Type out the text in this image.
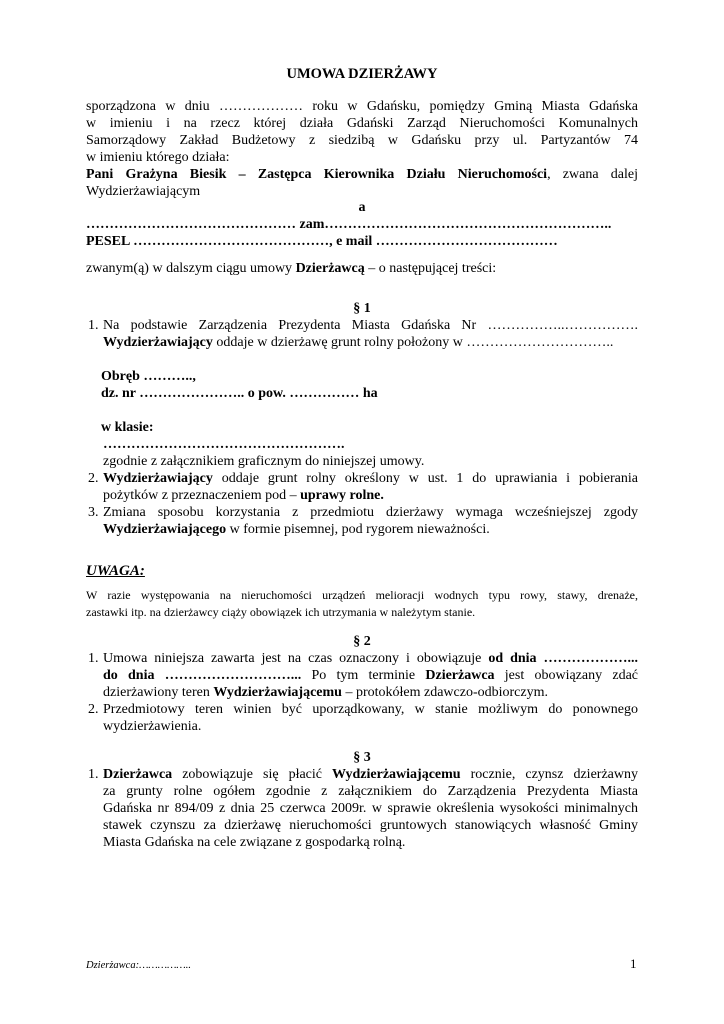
UMOWA DZIERŻAWY
sporządzona w dniu ……………… roku w Gdańsku, pomiędzy Gminą Miasta Gdańska
w imieniu i na rzecz której działa Gdański Zarząd Nieruchomości Komunalnych
Samorządowy Zakład Budżetowy z siedzibą w Gdańsku przy ul. Partyzantów 74
w imieniu którego działa:
Pani Grażyna Biesik – Zastępca Kierownika Działu Nieruchomości, zwana dalej
Wydzierżawiającym
a
……………………………………… zam……………………………………………………..
PESEL ……………………………………, e mail …………………………………
zwanym(ą) w dalszym ciągu umowy Dzierżawcą – o następującej treści:
§ 1
1. Na podstawie Zarządzenia Prezydenta Miasta Gdańska Nr ……………..…………….
Wydzierżawiający oddaje w dzierżawę grunt rolny położony w …………………………..
Obręb ………..,
dz. nr ………………….. o pow. …………… ha
w klasie:
…………………………………………….
zgodnie z załącznikiem graficznym do niniejszej umowy.
2. Wydzierżawiający oddaje grunt rolny określony w ust. 1 do uprawiania i pobierania
pożytków z przeznaczeniem pod – uprawy rolne.
3. Zmiana sposobu korzystania z przedmiotu dzierżawy wymaga wcześniejszej zgody
Wydzierżawiającego w formie pisemnej, pod rygorem nieważności.
UWAGA:
W razie występowania na nieruchomości urządzeń melioracji wodnych typu rowy, stawy, drenaże,
zastawki itp. na dzierżawcy ciąży obowiązek ich utrzymania w należytym stanie.
§ 2
1. Umowa niniejsza zawarta jest na czas oznaczony i obowiązuje od dnia ………………...
do dnia ………………………... Po tym terminie Dzierżawca jest obowiązany zdać
dzierżawiony teren Wydzierżawiającemu – protokółem zdawczo-odbiorczym.
2. Przedmiotowy teren winien być uporządkowany, w stanie możliwym do ponownego
wydzierżawienia.
§ 3
1. Dzierżawca zobowiązuje się płacić Wydzierżawiającemu rocznie, czynsz dzierżawny
za grunty rolne ogółem zgodnie z załącznikiem do Zarządzenia Prezydenta Miasta
Gdańska nr 894/09 z dnia 25 czerwca 2009r. w sprawie określenia wysokości minimalnych
stawek czynszu za dzierżawę nieruchomości gruntowych stanowiących własność Gminy
Miasta Gdańska na cele związane z gospodarką rolną.
Dzierżawca:……………..	1
